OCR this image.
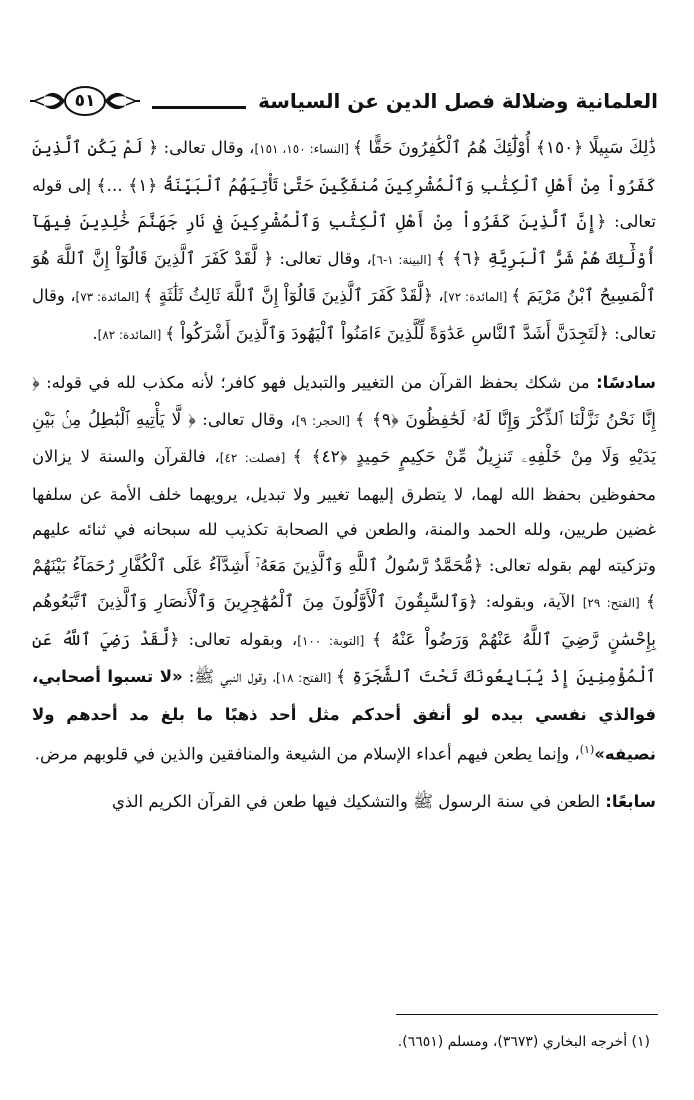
العلمانية وضلالة فصل الدين عن السياسة
٥١

ذَٰلِكَ سَبِيلًا ﴿١٥٠﴾ أُوْلَٰٓئِكَ هُمُ ٱلْكَٰفِرُونَ حَقًّا ﴾ [النساء: ١٥٠، ١٥١]، وقال تعالى: ﴿ لَمْ يَكُنِ ٱلَّذِينَ كَفَرُواْ مِنْ أَهْلِ ٱلْكِتَٰبِ وَٱلْمُشْرِكِينَ مُنفَكِّينَ حَتَّىٰ تَأْتِيَهُمُ ٱلْبَيِّنَةُ ﴿١﴾ ...﴾ إلى قوله تعالى: ﴿إِنَّ ٱلَّذِينَ كَفَرُواْ مِنْ أَهْلِ ٱلْكِتَٰبِ وَٱلْمُشْرِكِينَ فِي نَارِ جَهَنَّمَ خَٰلِدِينَ فِيهَآ أُوْلَٰٓئِكَ هُمْ شَرُّ ٱلْبَرِيَّةِ ﴿٦﴾ ﴾ [البينة: ١-٦]، وقال تعالى: ﴿ لَّقَدْ كَفَرَ ٱلَّذِينَ قَالُوٓاْ إِنَّ ٱللَّهَ هُوَ ٱلْمَسِيحُ ٱبْنُ مَرْيَمَ ﴾ [المائدة: ٧٢]، ﴿لَّقَدْ كَفَرَ ٱلَّذِينَ قَالُوٓاْ إِنَّ ٱللَّهَ ثَالِثُ ثَلَٰثَةٍ ﴾ [المائدة: ٧٣]، وقال تعالى: ﴿لَتَجِدَنَّ أَشَدَّ ٱلنَّاسِ عَدَٰوَةً لِّلَّذِينَ ءَامَنُواْ ٱلْيَهُودَ وَٱلَّذِينَ أَشْرَكُواْ ﴾ [المائدة: ٨٢].

سادسًا: من شكك بحفظ القرآن من التغيير والتبديل فهو كافر؛ لأنه مكذب لله في قوله: ﴿ إِنَّا نَحْنُ نَزَّلْنَا ٱلذِّكْرَ وَإِنَّا لَهُۥ لَحَٰفِظُونَ ﴿٩﴾ ﴾ [الحجر: ٩]، وقال تعالى: ﴿ لَّا يَأْتِيهِ ٱلْبَٰطِلُ مِنۢ بَيْنِ يَدَيْهِ وَلَا مِنْ خَلْفِهِۦ تَنزِيلٌ مِّنْ حَكِيمٍ حَمِيدٍ ﴿٤٢﴾ ﴾ [فصلت: ٤٢]، فالقرآن والسنة لا يزالان محفوظين بحفظ الله لهما، لا يتطرق إليهما تغيير ولا تبديل، يرويهما خلف الأمة عن سلفها غضين طريين، ولله الحمد والمنة، والطعن في الصحابة تكذيب لله سبحانه في ثنائه عليهم وتزكيته لهم بقوله تعالى: ﴿مُّحَمَّدٌ رَّسُولُ ٱللَّهِ وَٱلَّذِينَ مَعَهُۥٓ أَشِدَّآءُ عَلَى ٱلْكُفَّارِ رُحَمَآءُ بَيْنَهُمْ ﴾ [الفتح: ٢٩] الآية، وبقوله: ﴿وَٱلسَّٰبِقُونَ ٱلْأَوَّلُونَ مِنَ ٱلْمُهَٰجِرِينَ وَٱلْأَنصَارِ وَٱلَّذِينَ ٱتَّبَعُوهُم بِإِحْسَٰنٍ رَّضِيَ ٱللَّهُ عَنْهُمْ وَرَضُواْ عَنْهُ ﴾ [التوبة: ١٠٠]، وبقوله تعالى: ﴿لَّقَدْ رَضِيَ ٱللَّهُ عَنِ ٱلْمُؤْمِنِينَ إِذْ يُبَايِعُونَكَ تَحْتَ ٱلشَّجَرَةِ ﴾ [الفتح: ١٨]، وقول النبي ﷺ: «لا تسبوا أصحابي، فوالذي نفسي بيده لو أنفق أحدكم مثل أحد ذهبًا ما بلغ مد أحدهم ولا نصيفه»$^{(١)}$، وإنما يطعن فيهم أعداء الإسلام من الشيعة والمنافقين والذين في قلوبهم مرض.

سابعًا: الطعن في سنة الرسول ﷺ والتشكيك فيها طعن في القرآن الكريم الذي

(١) أخرجه البخاري (٣٦٧٣)، ومسلم (٦٦٥١).
